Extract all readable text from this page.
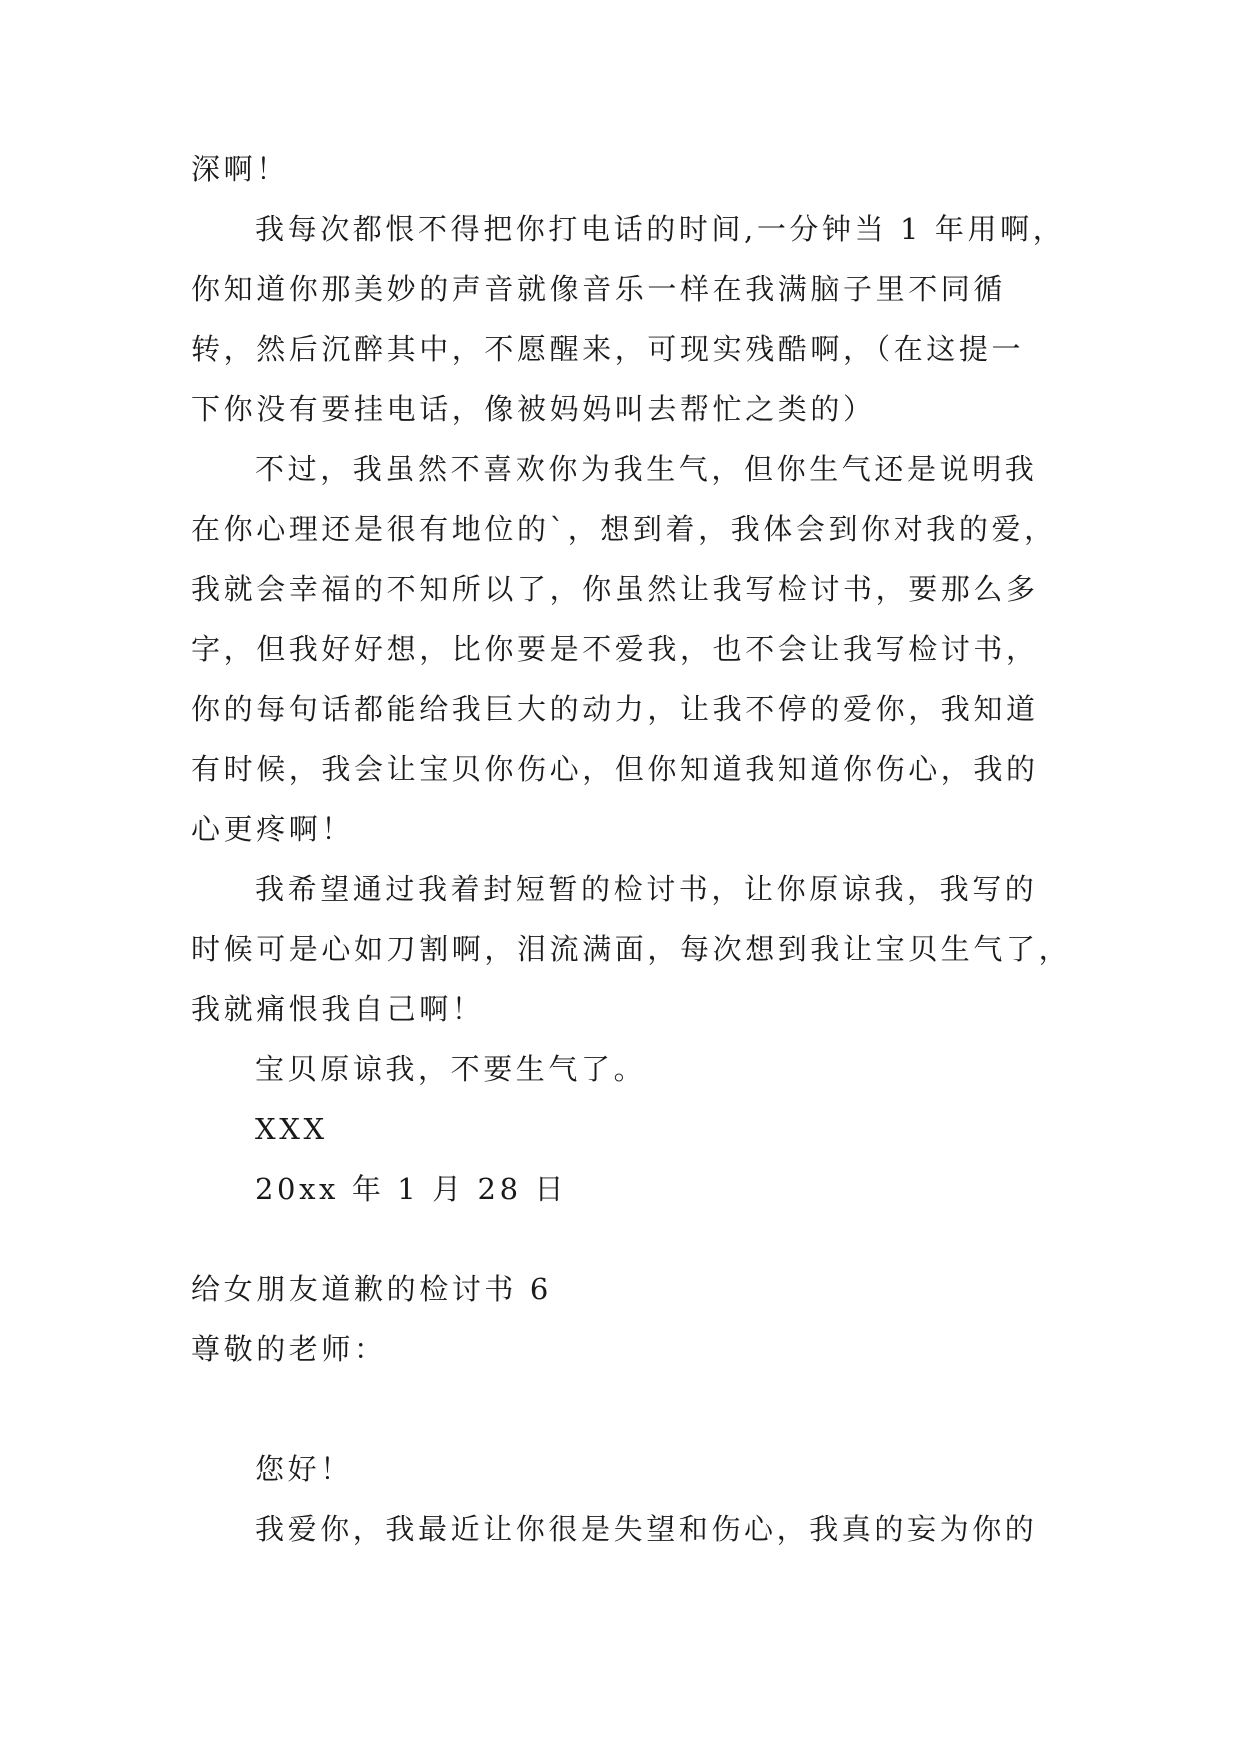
深啊！
我每次都恨不得把你打电话的时间,一分钟当 1 年用啊，
你知道你那美妙的声音就像音乐一样在我满脑子里不同循
转，然后沉醉其中，不愿醒来，可现实残酷啊，（在这提一
下你没有要挂电话，像被妈妈叫去帮忙之类的）
不过，我虽然不喜欢你为我生气，但你生气还是说明我
在你心理还是很有地位的`，想到着，我体会到你对我的爱，
我就会幸福的不知所以了，你虽然让我写检讨书，要那么多
字，但我好好想，比你要是不爱我，也不会让我写检讨书，
你的每句话都能给我巨大的动力，让我不停的爱你，我知道
有时候，我会让宝贝你伤心，但你知道我知道你伤心，我的
心更疼啊！
我希望通过我着封短暂的检讨书，让你原谅我，我写的
时候可是心如刀割啊，泪流满面，每次想到我让宝贝生气了，
我就痛恨我自己啊！
宝贝原谅我，不要生气了。
XXX
20xx 年 1 月 28 日
给女朋友道歉的检讨书 6
尊敬的老师：
您好！
我爱你，我最近让你很是失望和伤心，我真的妄为你的
